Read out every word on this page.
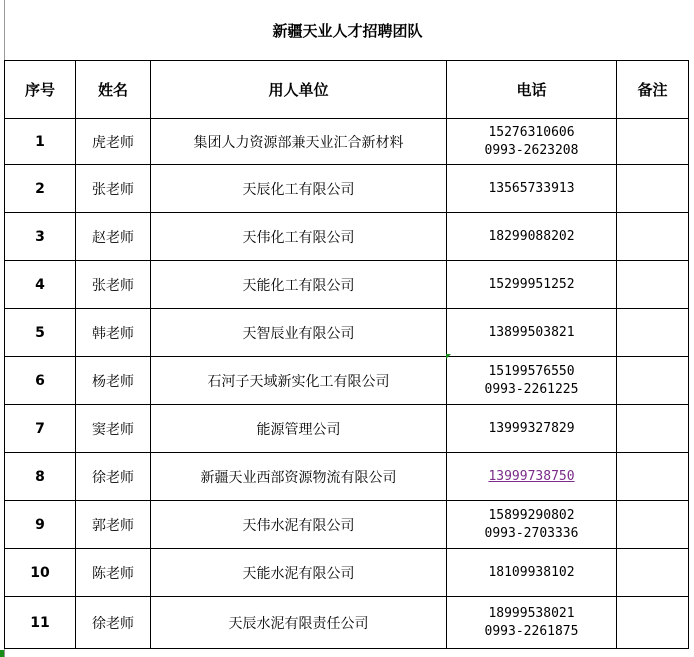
新疆天业人才招聘团队
序号	姓名	用人单位	电话	备注
1	虎老师	集团人力资源部兼天业汇合新材料	15276310606
0993-2623208	

2	张老师	天辰化工有限公司	13565733913	

3	赵老师	天伟化工有限公司	18299088202	

4	张老师	天能化工有限公司	15299951252	

5	韩老师	天智辰业有限公司	13899503821	

6	杨老师	石河子天域新实化工有限公司	15199576550
0993-2261225	

7	窦老师	能源管理公司	13999327829	

8	徐老师	新疆天业西部资源物流有限公司	13999738750	

9	郭老师	天伟水泥有限公司	15899290802
0993-2703336	

10	陈老师	天能水泥有限公司	18109938102	

11	徐老师	天辰水泥有限责任公司	18999538021
0993-2261875	
